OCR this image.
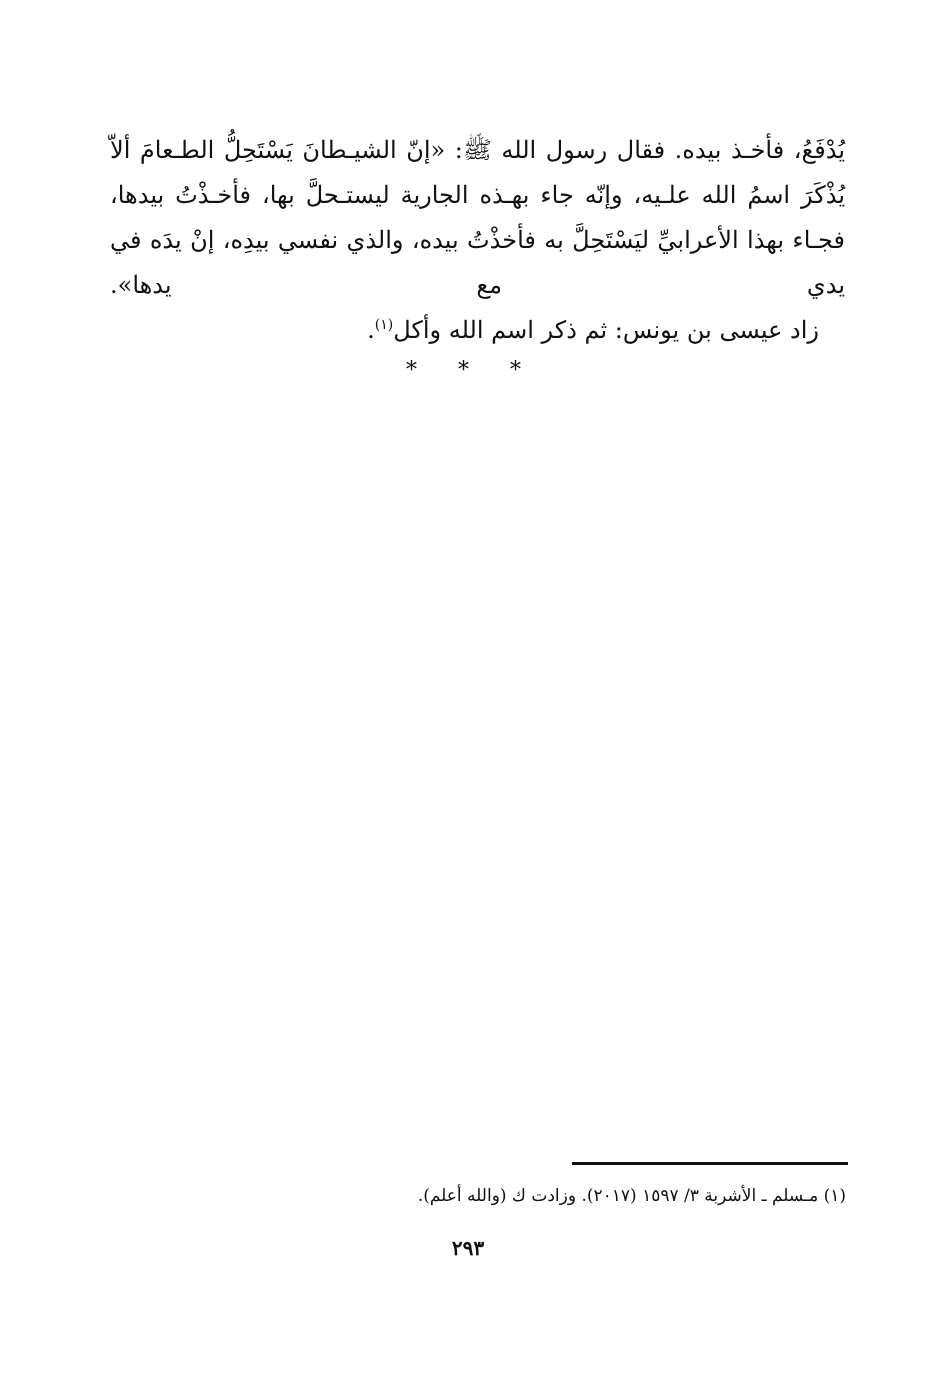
يُدْفَعُ، فأخـذ بيده. فقال رسول الله ﷺ: «إنّ الشيـطانَ يَسْتَحِلُّ الطـعامَ ألاّ يُذْكَرَ اسمُ الله علـيه، وإنّه جاء بهـذه الجارية ليستـحلَّ بها، فأخـذْتُ بيدها، فجـاء بهذا الأعرابيِّ ليَسْتَحِلَّ به فأخذْتُ بيده، والذي نفسي بيدِه، إنْ يدَه في يدي مع يدها».

زاد عيسى بن يونس: ثم ذكر اسم الله وأكل$^{(١)}$.

* * *
(١) مـسلم ـ الأشربة ٣/ ١٥٩٧ (٢٠١٧). وزادت ك (والله أعلم).
٢٩٣
